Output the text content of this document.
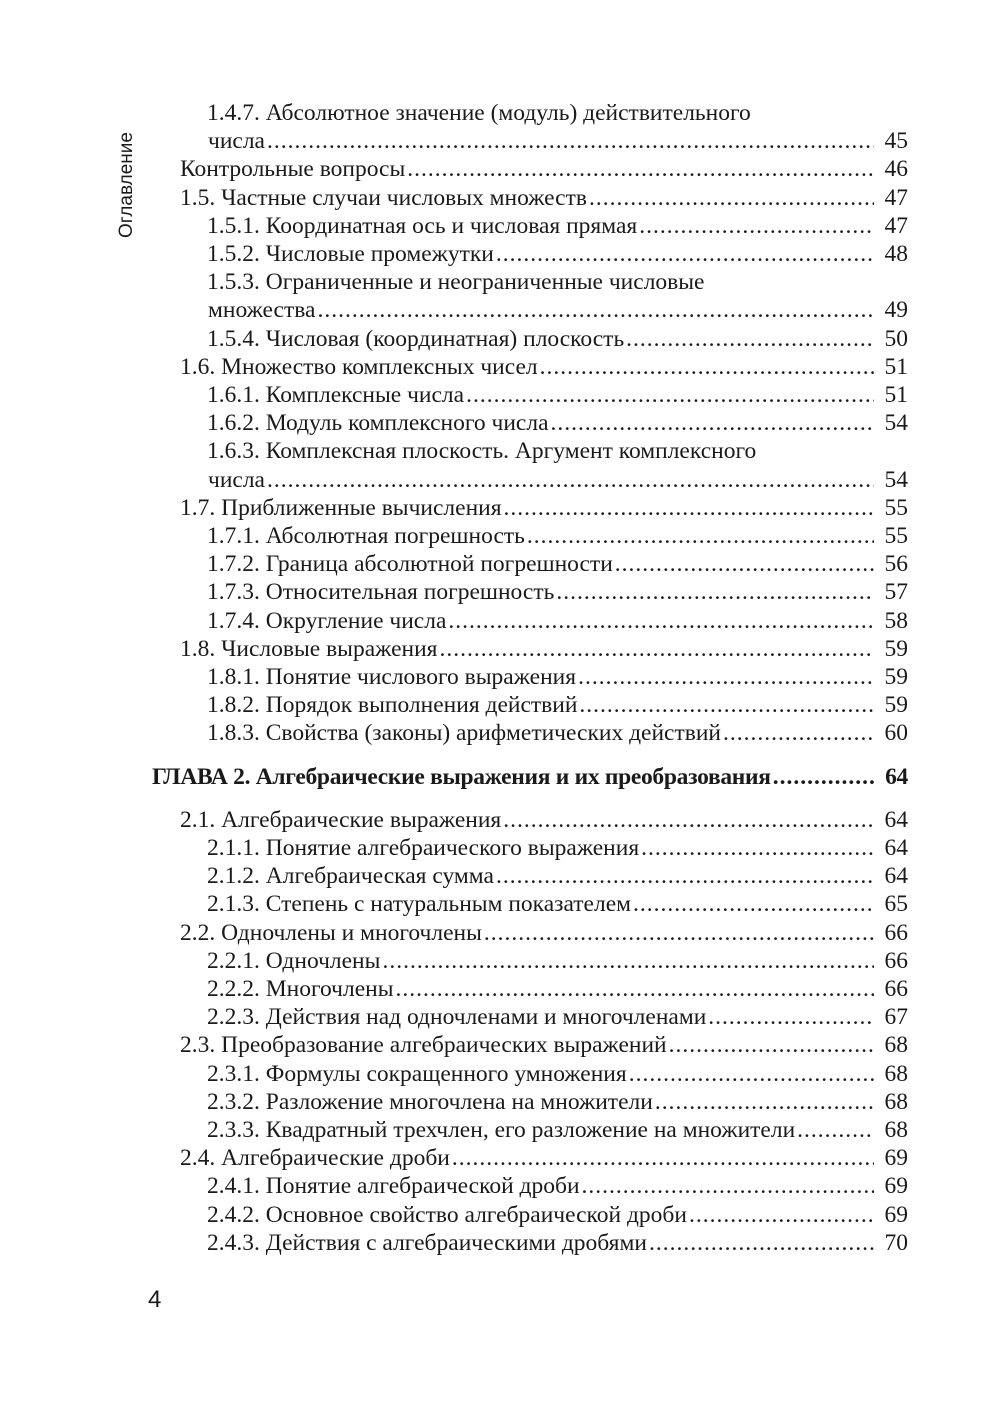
Оглавление
1.4.7. Абсолютное значение (модуль) действительного
числа .....	45
Контрольные вопросы .....	46
1.5. Частные случаи числовых множеств .....	47
1.5.1. Координатная ось и числовая прямая .....	47
1.5.2. Числовые промежутки .....	48
1.5.3. Ограниченные и неограниченные числовые
множества .....	49
1.5.4. Числовая (координатная) плоскость .....	50
1.6. Множество комплексных чисел .....	51
1.6.1. Комплексные числа .....	51
1.6.2. Модуль комплексного числа .....	54
1.6.3. Комплексная плоскость. Аргумент комплексного
числа .....	54
1.7. Приближенные вычисления .....	55
1.7.1. Абсолютная погрешность .....	55
1.7.2. Граница абсолютной погрешности .....	56
1.7.3. Относительная погрешность .....	57
1.7.4. Округление числа .....	58
1.8. Числовые выражения .....	59
1.8.1. Понятие числового выражения .....	59
1.8.2. Порядок выполнения действий .....	59
1.8.3. Свойства (законы) арифметических действий .....	60
ГЛАВА 2. Алгебраические выражения и их преобразования .....	64
2.1. Алгебраические выражения .....	64
2.1.1. Понятие алгебраического выражения .....	64
2.1.2. Алгебраическая сумма .....	64
2.1.3. Степень с натуральным показателем .....	65
2.2. Одночлены и многочлены .....	66
2.2.1. Одночлены .....	66
2.2.2. Многочлены .....	66
2.2.3. Действия над одночленами и многочленами .....	67
2.3. Преобразование алгебраических выражений .....	68
2.3.1. Формулы сокращенного умножения .....	68
2.3.2. Разложение многочлена на множители .....	68
2.3.3. Квадратный трехчлен, его разложение на множители .....	68
2.4. Алгебраические дроби .....	69
2.4.1. Понятие алгебраической дроби .....	69
2.4.2. Основное свойство алгебраической дроби .....	69
2.4.3. Действия с алгебраическими дробями .....	70
4
